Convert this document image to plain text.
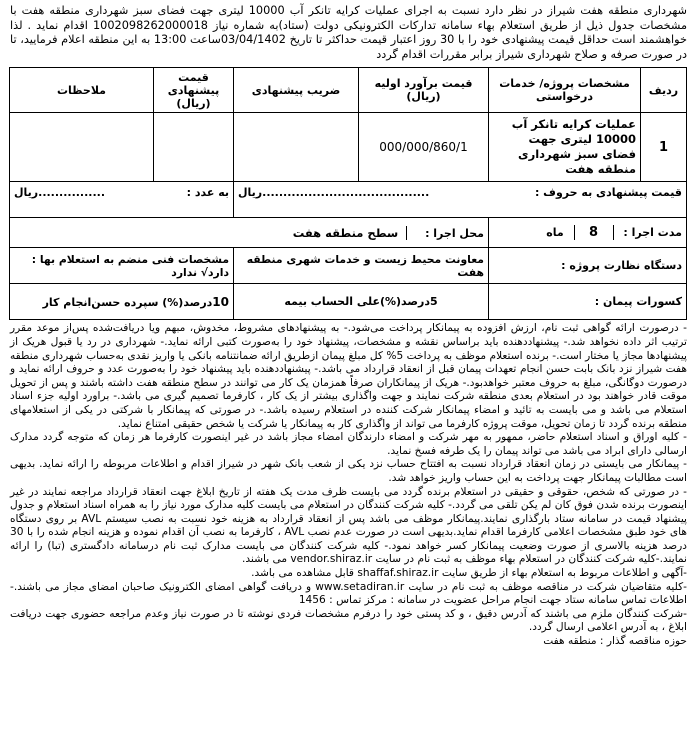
شهرداری منطقه هفت شیراز در نظر دارد نسبت به اجرای عملیات کرایه تانکر آب 10000 لیتری جهت فضای سبز شهرداری منطقه هفت با مشخصات جدول ذیل از طریق استعلام بهاء سامانه تدارکات الکترونیکی دولت (ستاد)به شماره نیاز 1002098262000018 اقدام نماید . لذا خواهشمند است حداقل قیمت پیشنهادی خود را با 30 روز اعتبار قیمت حداکثر تا تاریخ 03/04/1402ساعت 13:00 به این منطقه اعلام فرمایید، تا در صورت صرفه و صلاح شهرداری شیراز برابر مقررات اقدام گردد

ردیف	مشخصات پروژه/ خدمات درخواستی	قیمت برآورد اولیه (ریال)	ضریب پیشنهادی	قیمت پیشنهادی (ریال)	ملاحظات
1	عملیات کرایه تانکر آب 10000 لیتری جهت فضای سبز شهرداری منطقه هفت	000/000/860/1			
قیمت پیشنهادی به حروف :
........................................ریال				به عدد :
................ریال	

مدت اجرا : 8 ماه		محل اجرا : سطح منطقه هفت			
دستگاه نظارت پروژه :		معاونت محیط زیست و خدمات شهری منطقه هفت		مشخصات فنی منضم به استعلام بها : دارد√ ندارد	
کسورات پیمان :		5درصد(%)علی الحساب بیمه		10درصد(%) سپرده حسن‌انجام کار	

- درصورت ارائه گواهی ثبت نام، ارزش افزوده به پیمانکار پرداخت می‌شود.- به پیشنهادهای مشروط، مخدوش، مبهم ویا دریافت‌شده پس‌از موعد مقرر ترتیب اثر داده نخواهد شد.- پیشنهاددهنده باید براساس نقشه و مشخصات، پیشنهاد خود را به‌صورت کتبی ارائه نماید.- شهرداری در رد یا قبول هریک از پیشنهادها مجاز یا مختار است.- برنده استعلام موظف به پرداخت 5% کل مبلغ پیمان ازطریق ارائه ضمانتنامه بانکی یا واریز نقدی به‌حساب شهرداری منطقه هفت شیراز نزد بانک بابت حسن انجام تعهدات پیمان قبل از انعقاد قرارداد می باشد.- پیشنهاددهنده باید پیشنهاد خود را به‌صورت عدد و حروف ارائه نماید و درصورت دوگانگی، مبلغ به حروف معتبر خواهدبود.- هریک از پیمانکاران صرفاً همزمان یک کار می توانند در سطح منطقه هفت داشته باشند و پس از تحویل موقت قادر خواهند بود در استعلام بعدی منطقه شرکت نمایند و جهت واگذاری بیشتر از یک کار ، کارفرما تصمیم گیری می باشد.- براورد اولیه جزء اسناد استعلام می باشد و می بایست به تائید و امضاء پیمانکار شرکت کننده در استعلام رسیده باشد.- در صورتی که پیمانکار با شرکتی در یکی از استعلامهای منطقه برنده گردد تا زمان تحویل، موقت پروژه کارفرما می تواند از واگذاری کار به پیمانکار یا شرکت یا شخص حقیقی امتناع نماید.

- کلیه اوراق و اسناد استعلام حاضر، ممهور به مهر شرکت و امضاء دارندگان امضاء مجاز باشد در غیر اینصورت کارفرما هر زمان که متوجه گردد مدارک ارسالی دارای ابراد می باشد می تواند پیمان را یک طرفه فسخ نماید.

- پیمانکار می بایستی در زمان انعقاد قرارداد نسبت به افتتاح حساب نزد یکی از شعب بانک شهر در شیراز اقدام و اطلاعات مربوطه را ارائه نماید. بدیهی است مطالبات پیمانکار جهت پرداخت به این حساب واریز خواهد شد.

- در صورتی که شخص، حقوقی و حقیقی در استعلام برنده گردد می بایست ظرف مدت یک هفته از تاریخ ابلاغ جهت انعقاد قرارداد مراجعه نمایند در غیر اینصورت برنده شدن فوق کان لم یکن تلقی می گردد.- کلیه شرکت کنندگان در استعلام می بایست کلیه مدارک مورد نیاز را به همراه اسناد استعلام و جدول پیشنهاد قیمت در سامانه ستاد بارگذاری نمایند.پیمانکار موظف می باشد پس از انعقاد قرارداد به هزینه خود نسبت به نصب سیستم AVL بر روی دستگاه های خود طبق مشخصات اعلامی کارفرما اقدام نماید.بدیهی است در صورت عدم نصب AVL ، کارفرما به نصب آن اقدام نموده و هزینه انجام شده را با 30 درصد هزینه بالاسری از صورت وضعیت پیمانکار کسر خواهد نمود.- کلیه شرکت کنندگان می بایست مدارک ثبت نام درسامانه دادگستری (تبا) را ارائه نمایند.-کلیه شرکت کنندگان در استعلام بهاء موظف به ثبت نام در سایت vendor.shiraz.ir می باشند.

-آگهی و اطلاعات مربوط به استعلام بهاء از طریق سایت shaffaf.shiraz.ir قابل مشاهده می باشد.

-کلیه متقاضیان شرکت در مناقصه موظف به ثبت نام در سایت www.setadiran.ir و دریافت گواهی امضای الکترونیک صاحبان امضای مجاز می باشند.-اطلاعات تماس سامانه ستاد جهت انجام مراحل عضویت در سامانه : مرکز تماس : 1456

-شرکت کنندگان ملزم می باشند که آدرس دقیق ، و کد پستی خود را درفرم مشخصات فردی نوشته تا در صورت نیاز وعدم مراجعه حضوری جهت دریافت ابلاغ ، به آدرس اعلامی ارسال گردد.

حوزه مناقصه گذار : منطقه هفت
